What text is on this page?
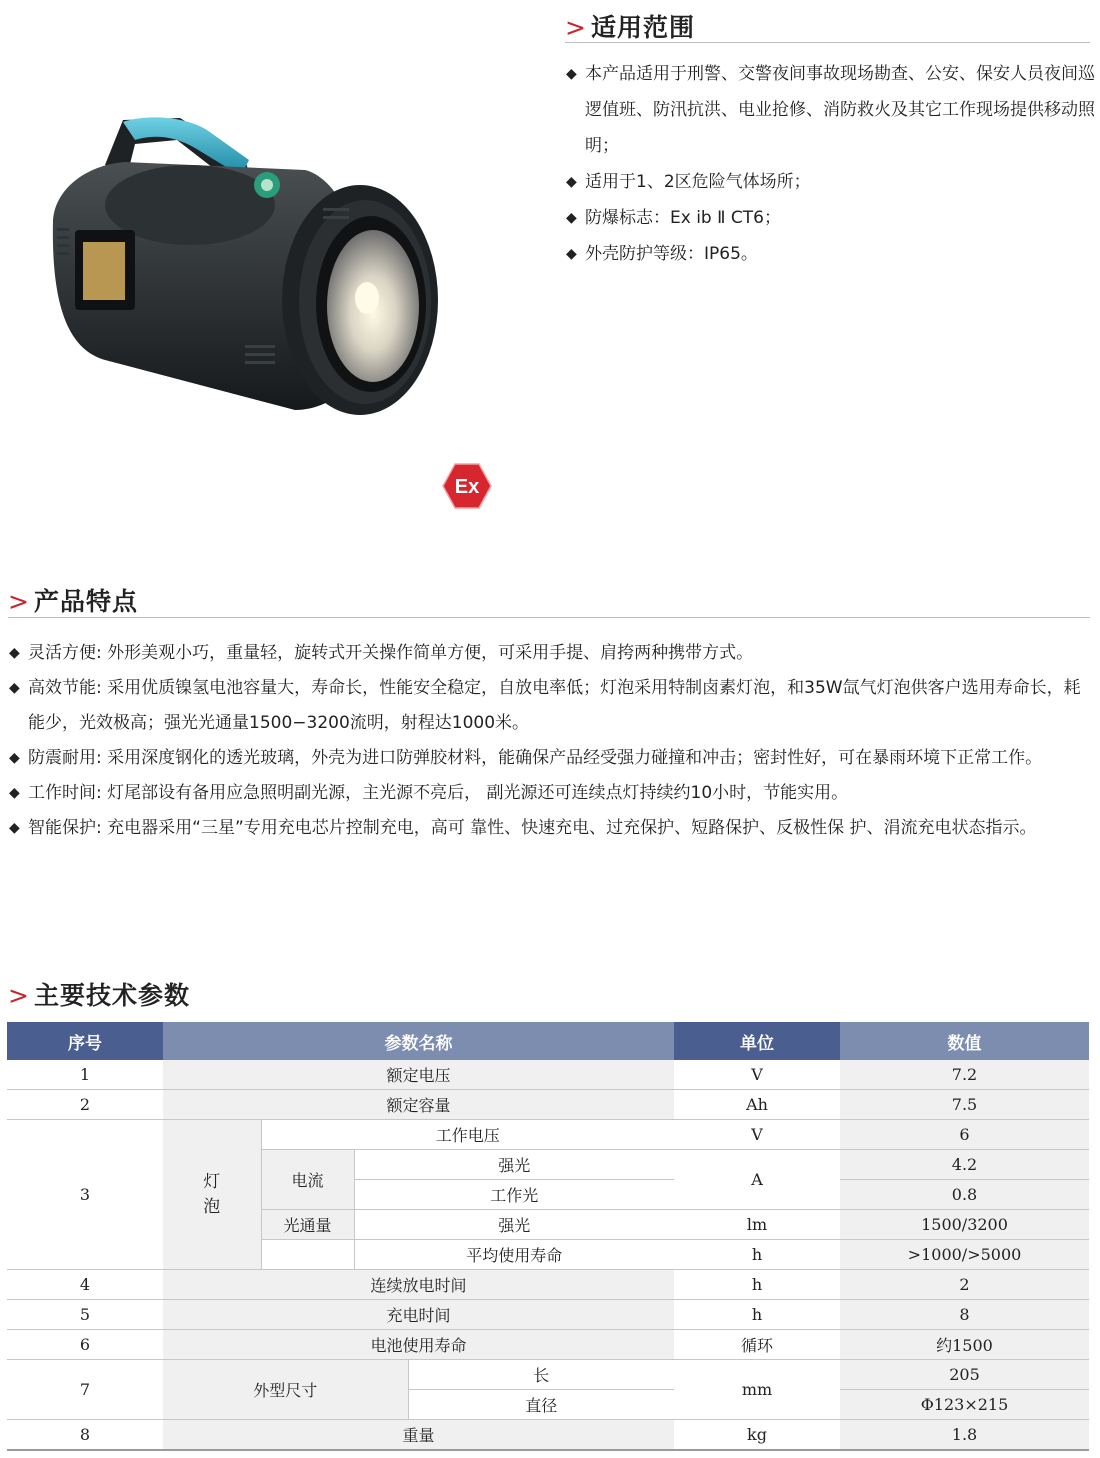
> 适用范围
◆ 本产品适用于刑警、交警夜间事故现场勘查、公安、保安人员夜间巡逻值班、防汛抗洪、电业抢修、消防救火及其它工作现场提供移动照明；
◆ 适用于1、2区危险气体场所；
◆ 防爆标志：Ex ib Ⅱ CT6；
◆ 外壳防护等级：IP65。
Ex
> 产品特点
◆ 灵活方便: 外形美观小巧，重量轻，旋转式开关操作简单方便，可采用手提、肩挎两种携带方式。
◆ 高效节能: 采用优质镍氢电池容量大，寿命长，性能安全稳定，自放电率低；灯泡采用特制卤素灯泡，和35W氙气灯泡供客户选用寿命长，耗能少，光效极高；强光光通量1500−3200流明，射程达1000米。
◆ 防震耐用: 采用深度钢化的透光玻璃，外壳为进口防弹胶材料，能确保产品经受强力碰撞和冲击；密封性好，可在暴雨环境下正常工作。
◆ 工作时间: 灯尾部设有备用应急照明副光源，主光源不亮后， 副光源还可连续点灯持续约10小时，节能实用。
◆ 智能保护: 充电器采用“三星”专用充电芯片控制充电，高可 靠性、快速充电、过充保护、短路保护、反极性保 护、涓流充电状态指示。
> 主要技术参数
序号	参数名称				单位	数值
1	额定电压				V	7.2
2	额定容量				Ah	7.5
3	灯泡	工作电压			V	6
		电流	强光		A	4.2
			工作光			0.8
		光通量	强光		lm	1500/3200
			平均使用寿命		h	>1000/>5000
4	连续放电时间				h	2
5	充电时间				h	8
6	电池使用寿命				循环	约1500
7	外型尺寸			长	mm	205
				直径		Φ123×215
8	重量				kg	1.8
